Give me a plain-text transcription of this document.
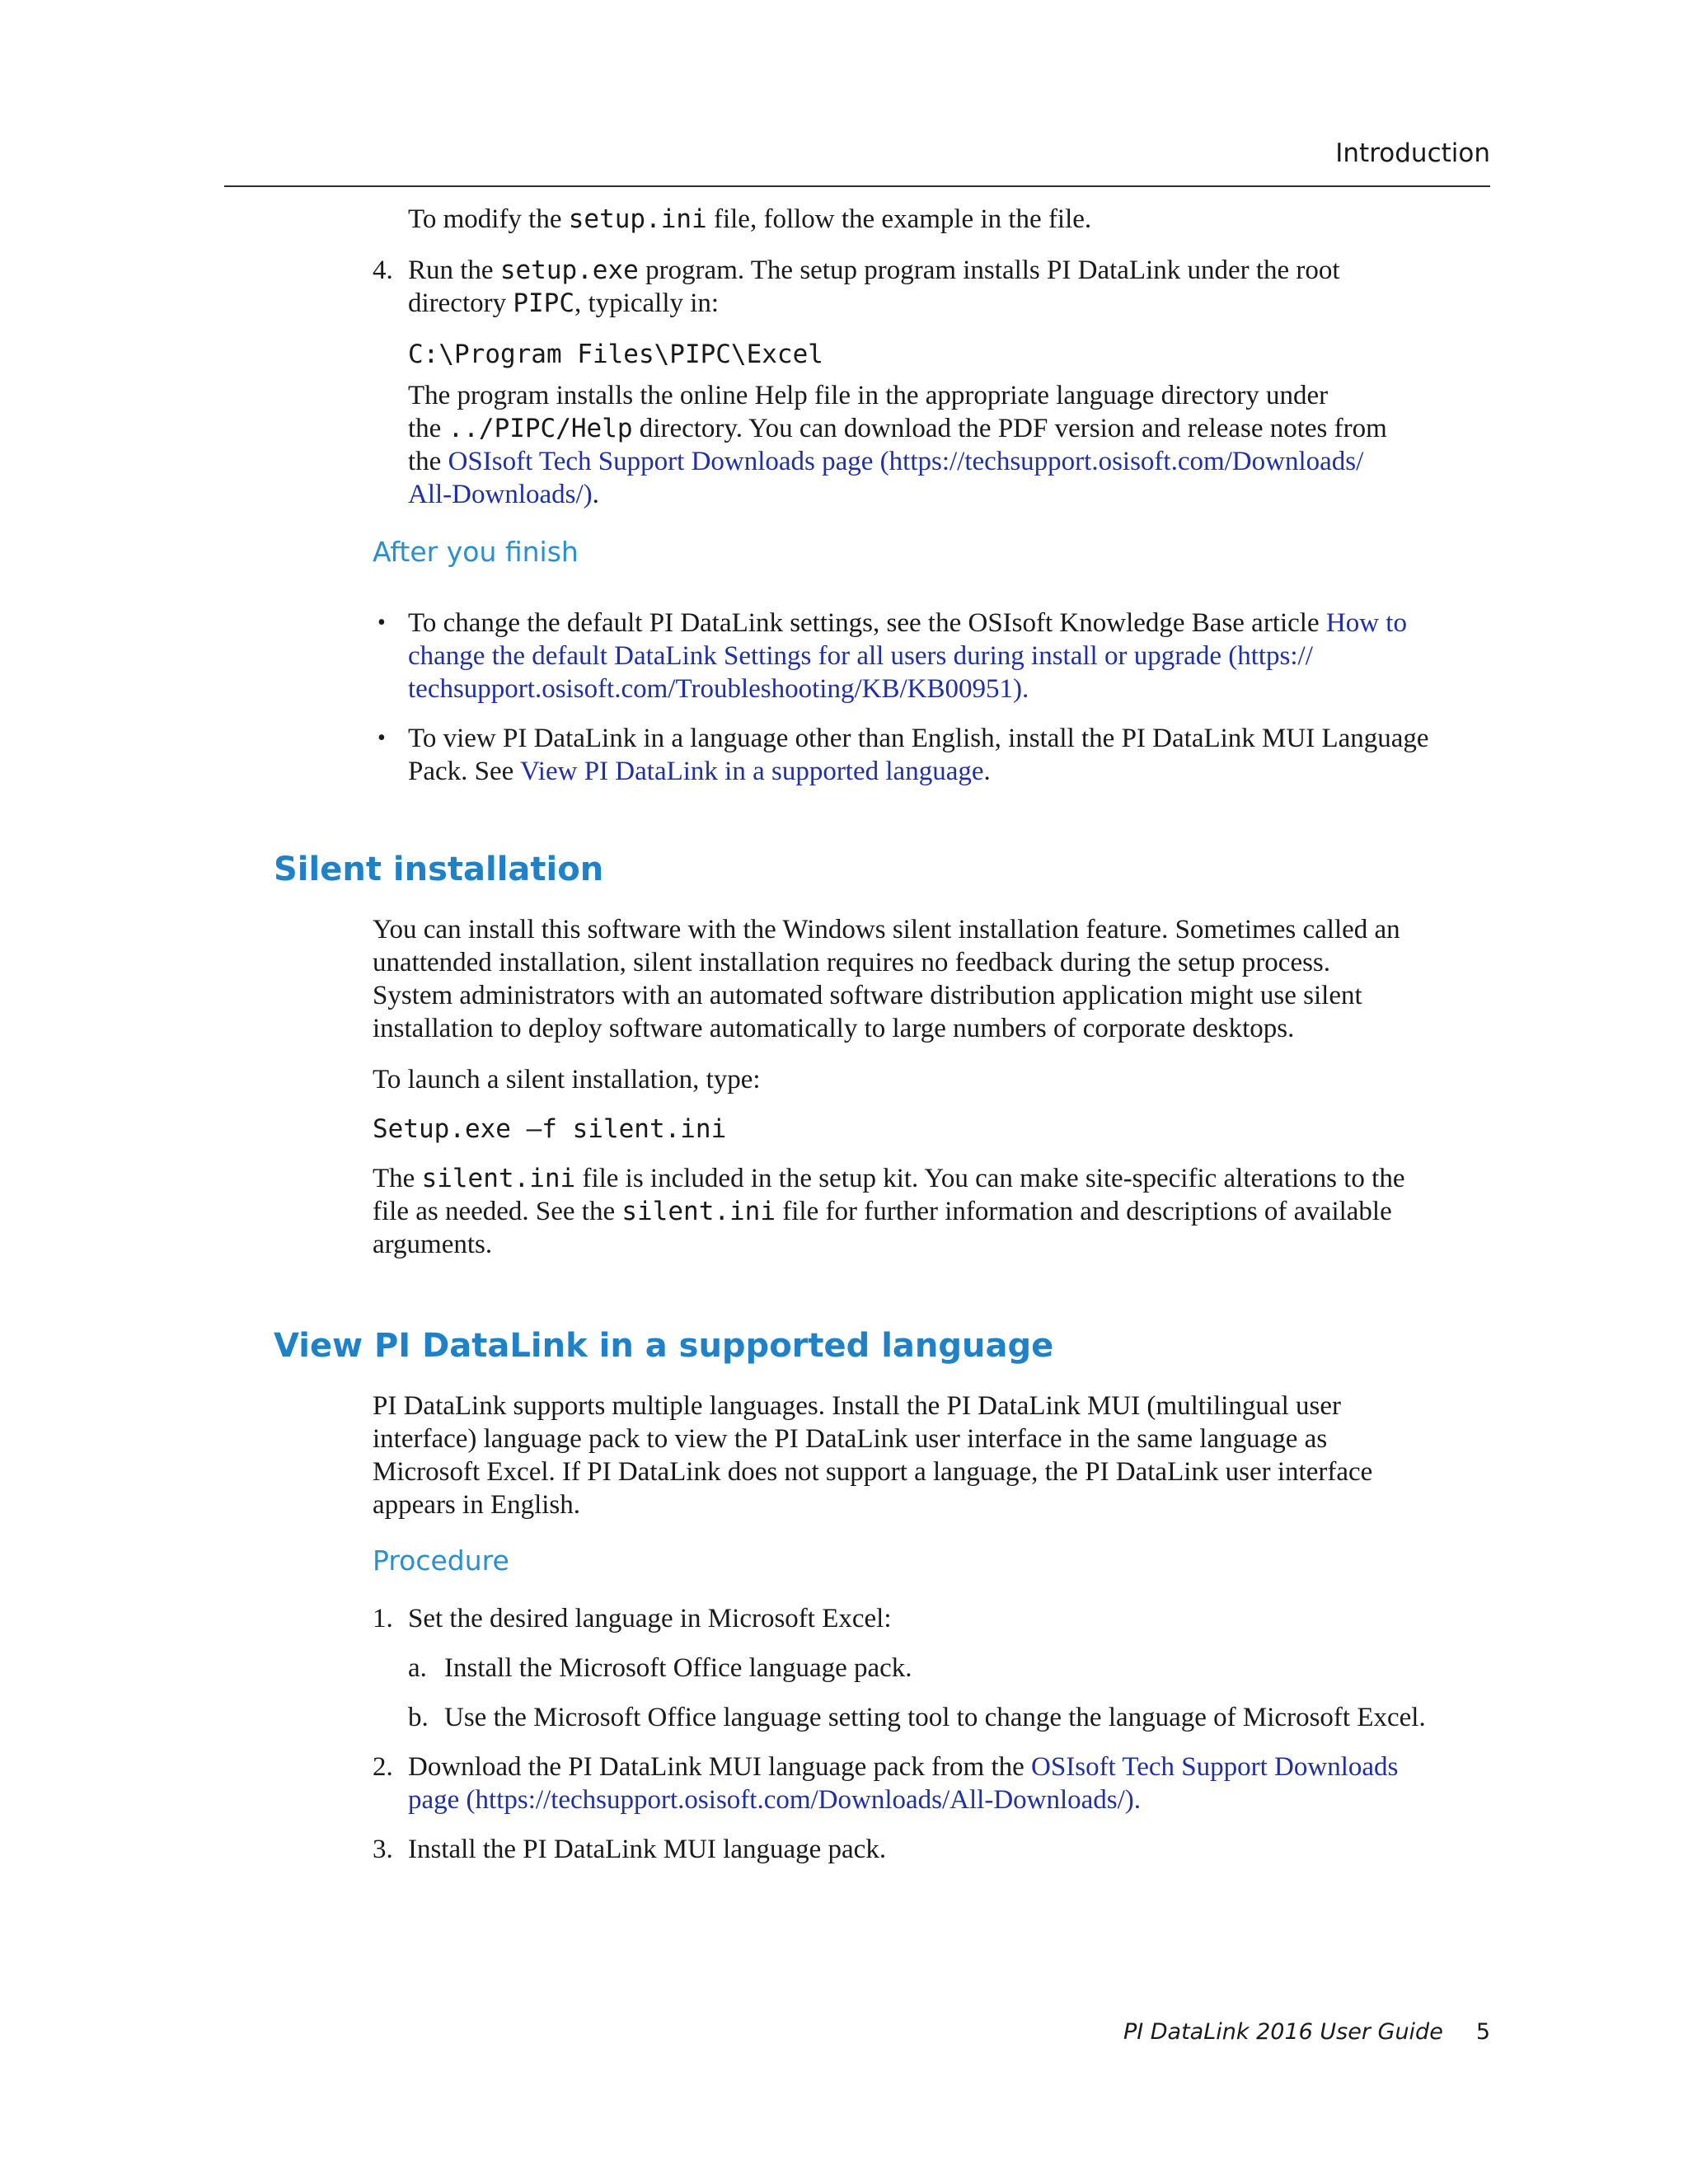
Introduction
To modify the setup.ini file, follow the example in the file.
4. Run the setup.exe program. The setup program installs PI DataLink under the root
directory PIPC, typically in:
C:\Program Files\PIPC\Excel
The program installs the online Help file in the appropriate language directory under
the ../PIPC/Help directory. You can download the PDF version and release notes from
the OSIsoft Tech Support Downloads page (https://techsupport.osisoft.com/Downloads/
All-Downloads/).
After you finish
• To change the default PI DataLink settings, see the OSIsoft Knowledge Base article How to
change the default DataLink Settings for all users during install or upgrade (https://
techsupport.osisoft.com/Troubleshooting/KB/KB00951).
• To view PI DataLink in a language other than English, install the PI DataLink MUI Language
Pack. See View PI DataLink in a supported language.
Silent installation
You can install this software with the Windows silent installation feature. Sometimes called an
unattended installation, silent installation requires no feedback during the setup process.
System administrators with an automated software distribution application might use silent
installation to deploy software automatically to large numbers of corporate desktops.
To launch a silent installation, type:
Setup.exe –f silent.ini
The silent.ini file is included in the setup kit. You can make site-specific alterations to the
file as needed. See the silent.ini file for further information and descriptions of available
arguments.
View PI DataLink in a supported language
PI DataLink supports multiple languages. Install the PI DataLink MUI (multilingual user
interface) language pack to view the PI DataLink user interface in the same language as
Microsoft Excel. If PI DataLink does not support a language, the PI DataLink user interface
appears in English.
Procedure
1. Set the desired language in Microsoft Excel:
a. Install the Microsoft Office language pack.
b. Use the Microsoft Office language setting tool to change the language of Microsoft Excel.
2. Download the PI DataLink MUI language pack from the OSIsoft Tech Support Downloads
page (https://techsupport.osisoft.com/Downloads/All-Downloads/).
3. Install the PI DataLink MUI language pack.
PI DataLink 2016 User Guide 5
